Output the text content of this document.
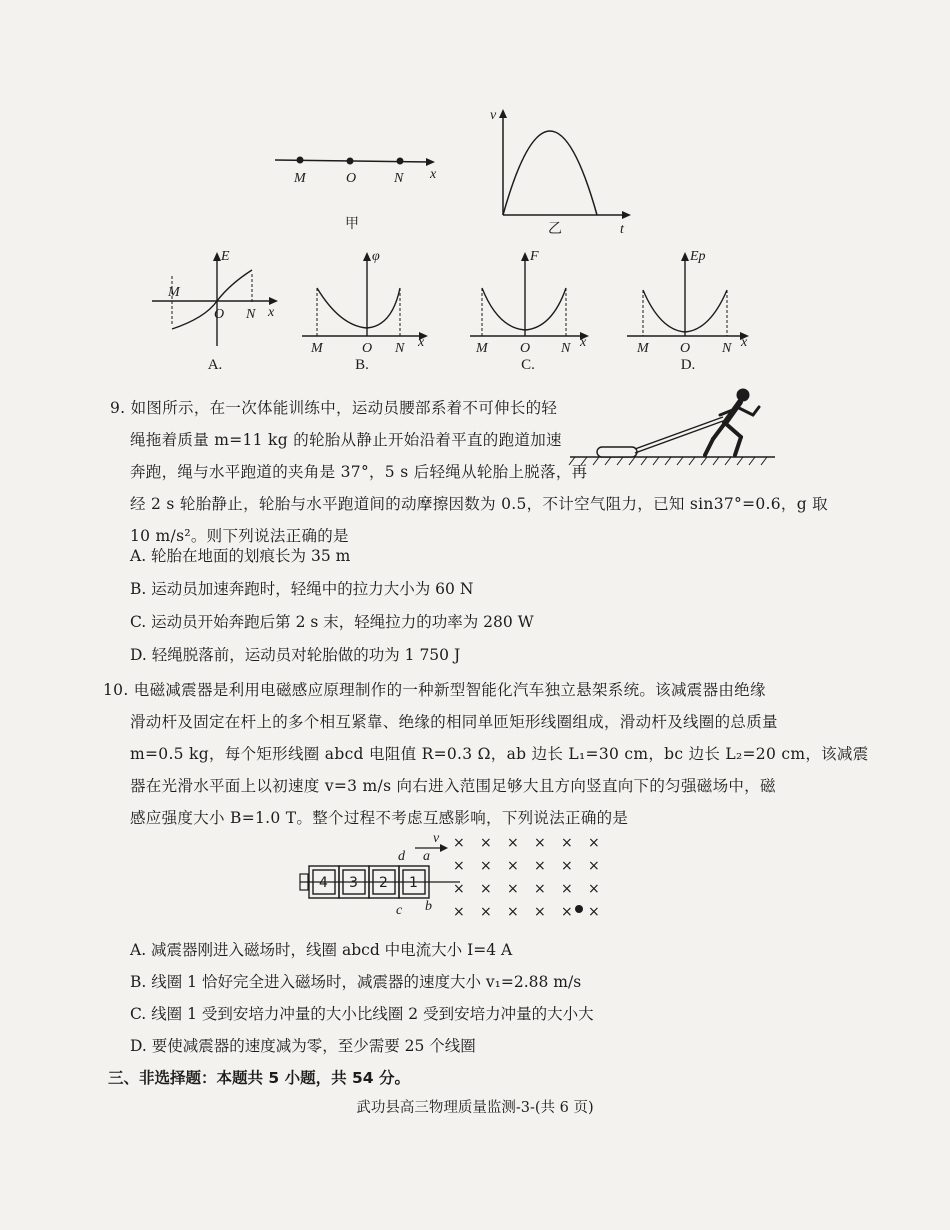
M	O	N x
甲
v
t
乙
E
M
O N x
A.
φ
M	O N x
B.
F
M O N x
C.
Ep
M O N x
D.
9. 如图所示，在一次体能训练中，运动员腰部系着不可伸长的轻
绳拖着质量 m=11 kg 的轮胎从静止开始沿着平直的跑道加速
奔跑，绳与水平跑道的夹角是 37°，5 s 后轻绳从轮胎上脱落，再
经 2 s 轮胎静止，轮胎与水平跑道间的动摩擦因数为 0.5，不计空气阻力，已知 sin37°=0.6，g 取
10 m/s²。则下列说法正确的是
A. 轮胎在地面的划痕长为 35 m
B. 运动员加速奔跑时，轻绳中的拉力大小为 60 N
C. 运动员开始奔跑后第 2 s 末，轻绳拉力的功率为 280 W
D. 轻绳脱落前，运动员对轮胎做的功为 1 750 J
10. 电磁减震器是利用电磁感应原理制作的一种新型智能化汽车独立悬架系统。该减震器由绝缘
滑动杆及固定在杆上的多个相互紧靠、绝缘的相同单匝矩形线圈组成，滑动杆及线圈的总质量
m=0.5 kg，每个矩形线圈 abcd 电阻值 R=0.3 Ω，ab 边长 L₁=30 cm，bc 边长 L₂=20 cm，该减震
器在光滑水平面上以初速度 v=3 m/s 向右进入范围足够大且方向竖直向下的匀强磁场中，磁
感应强度大小 B=1.0 T。整个过程不考虑互感影响，下列说法正确的是
4 3 2 1
d a
c b
v × × × × × ×
× × × × × ×
× × × × × ×
× × × × × ×
A. 减震器刚进入磁场时，线圈 abcd 中电流大小 I=4 A
B. 线圈 1 恰好完全进入磁场时，减震器的速度大小 v₁=2.88 m/s
C. 线圈 1 受到安培力冲量的大小比线圈 2 受到安培力冲量的大小大
D. 要使减震器的速度减为零，至少需要 25 个线圈
三、非选择题：本题共 5 小题，共 54 分。
武功县高三物理质量监测-3-(共 6 页)
